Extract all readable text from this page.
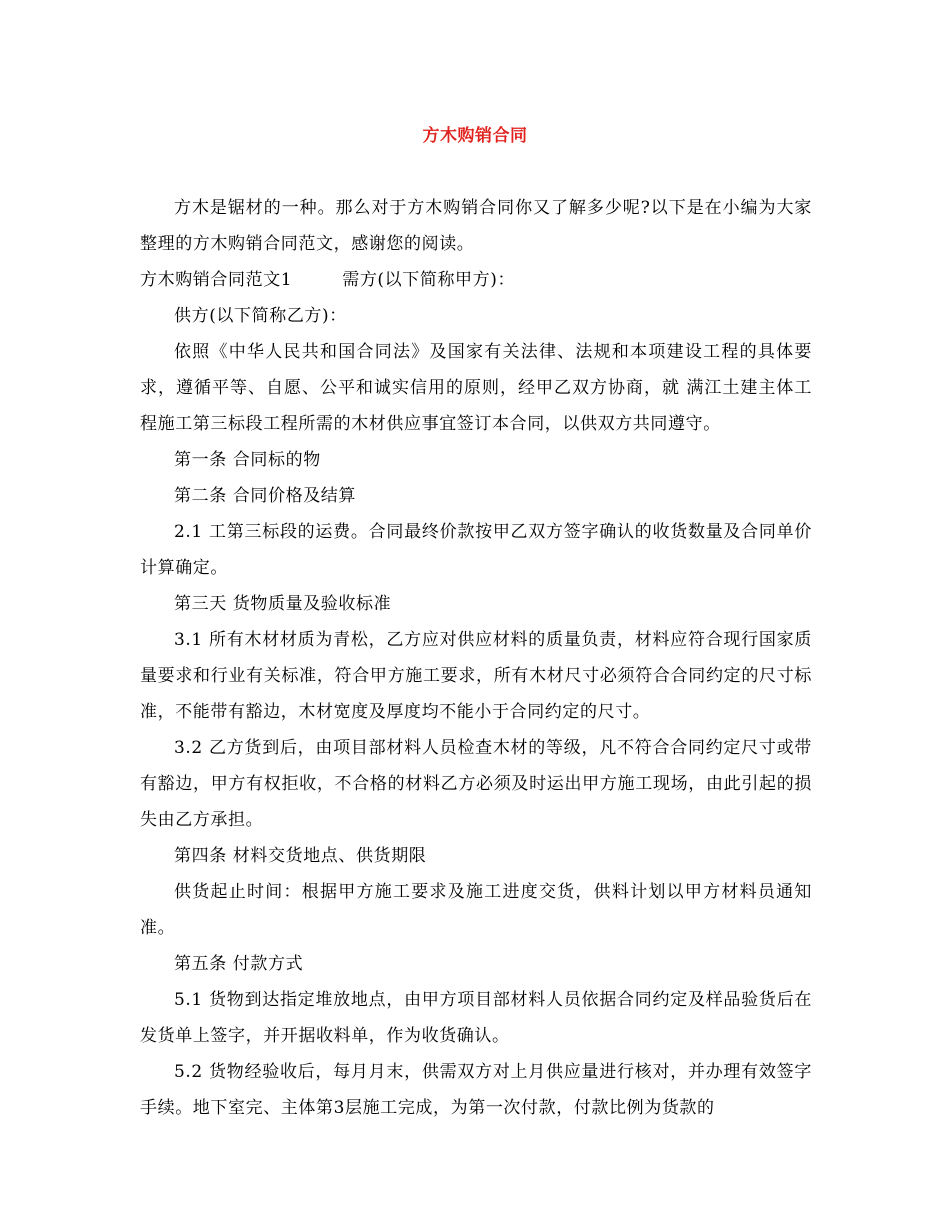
方木购销合同

方木是锯材的一种。那么对于方木购销合同你又了解多少呢?以下是在小编为大家整理的方木购销合同范文，感谢您的阅读。

方木购销合同范文1	需方(以下简称甲方)：

供方(以下简称乙方)：

依照《中华人民共和国合同法》及国家有关法律、法规和本项建设工程的具体要求，遵循平等、自愿、公平和诚实信用的原则，经甲乙双方协商，就 满江土建主体工程施工第三标段工程所需的木材供应事宜签订本合同，以供双方共同遵守。

第一条 合同标的物

第二条 合同价格及结算

2.1 工第三标段的运费。合同最终价款按甲乙双方签字确认的收货数量及合同单价计算确定。

第三天 货物质量及验收标准

3.1 所有木材材质为青松，乙方应对供应材料的质量负责，材料应符合现行国家质量要求和行业有关标准，符合甲方施工要求，所有木材尺寸必须符合合同约定的尺寸标准，不能带有豁边，木材宽度及厚度均不能小于合同约定的尺寸。

3.2 乙方货到后，由项目部材料人员检查木材的等级，凡不符合合同约定尺寸或带有豁边，甲方有权拒收，不合格的材料乙方必须及时运出甲方施工现场，由此引起的损失由乙方承担。

第四条 材料交货地点、供货期限

供货起止时间：根据甲方施工要求及施工进度交货，供料计划以甲方材料员通知准。

第五条 付款方式

5.1 货物到达指定堆放地点，由甲方项目部材料人员依据合同约定及样品验货后在发货单上签字，并开据收料单，作为收货确认。

5.2 货物经验收后，每月月末，供需双方对上月供应量进行核对，并办理有效签字手续。地下室完、主体第3层施工完成，为第一次付款，付款比例为货款的
